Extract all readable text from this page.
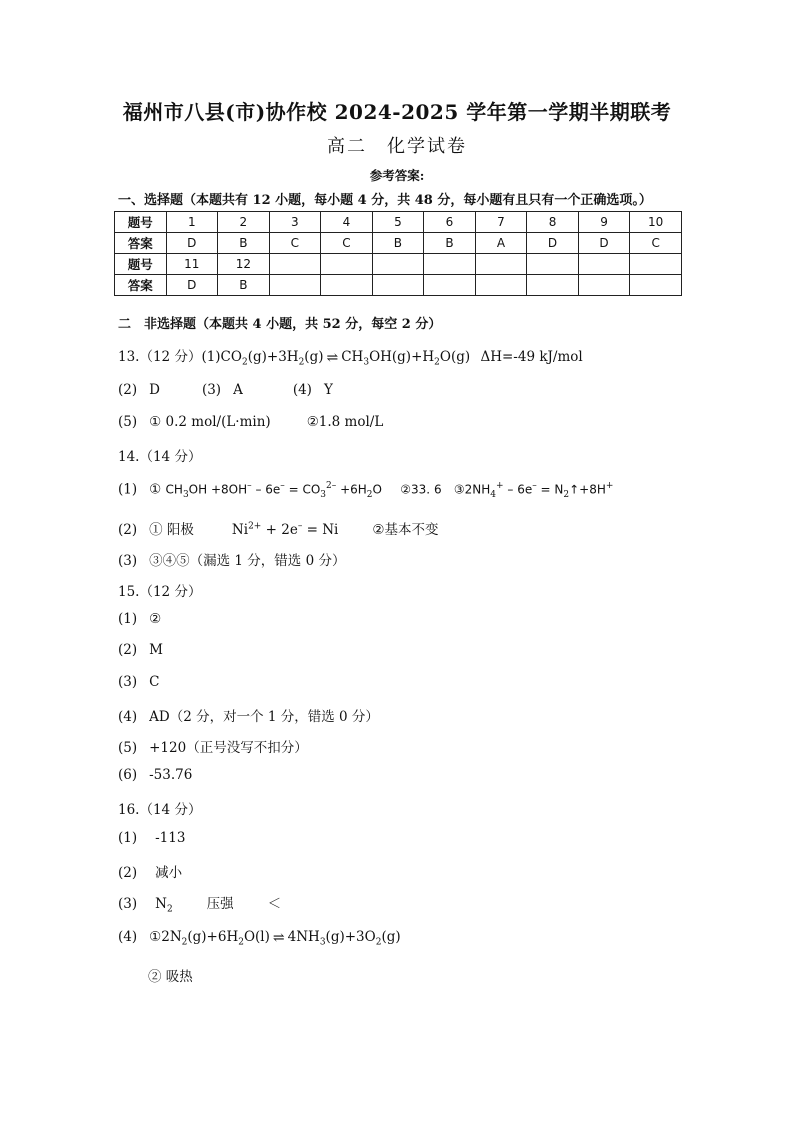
福州市八县(市)协作校 2024-2025 学年第一学期半期联考
高二　化学试卷
参考答案:
一、选择题（本题共有 12 小题，每小题 4 分，共 48 分，每小题有且只有一个正确选项。）
题号	1	2	3	4	5	6	7	8	9	10
答案	D	B	C	C	B	B	A	D	D	C
题号	11	12								
答案	D	B								
二　非选择题（本题共 4 小题，共 52 分，每空 2 分）
13.（12 分）$(1)CO_2(g)+3H_2(g)$ ⇌ $CH_3OH(g)+H_2O(g)$ ΔH=-49 kJ/mol
(2) D	(3) A	(4) Y
(5) ① 0.2 mol/(L·min)	②1.8 mol/L
14.（14 分）
(1) ① $CH_3OH +8OH^- - 6e^- = CO_3^{2-} +6H_2O$ ②33. 6 $③2NH_4^+ - 6e^-$ = $N_2↑+8H^+$
(2) ① 阳极	$Ni^{2+} + 2e^- = Ni$	②基本不变
(3) ③④⑤（漏选 1 分，错选 0 分）
15.（12 分）
(1) ②
(2) M
(3) C
(4) AD（2 分，对一个 1 分，错选 0 分）
(5) +120（正号没写不扣分）
(6) -53.76
16.（14 分）
(1) -113
(2) 减小
(3) $N_2$	压强	＜
(4) $①2N_2(g)+6H_2O(l)$ ⇌ $4NH_3(g)+3O_2(g)$
② 吸热
